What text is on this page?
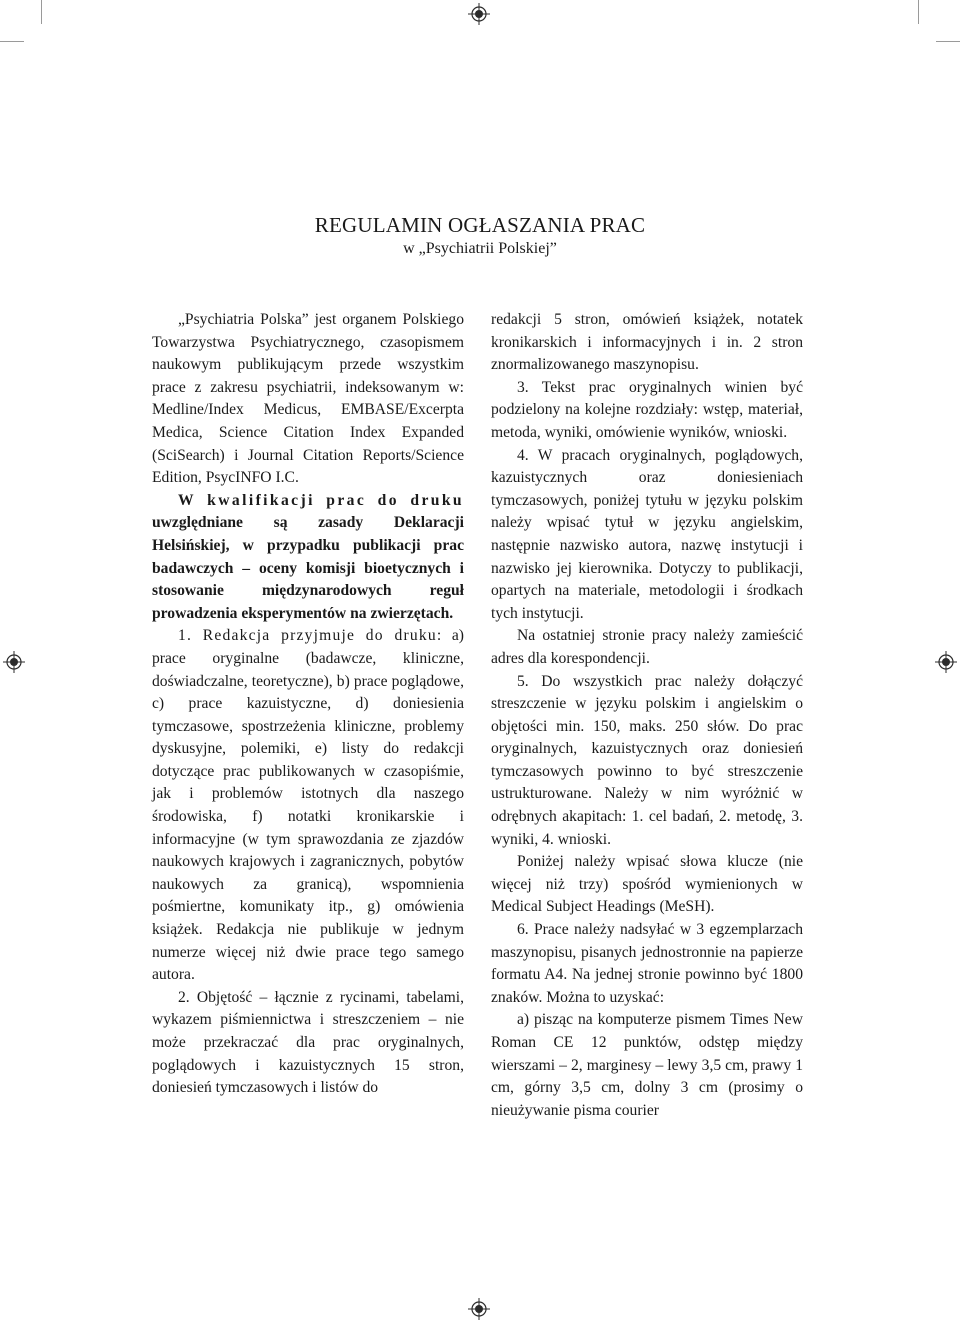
REGULAMIN OGŁASZANIA PRAC
w „Psychiatrii Polskiej”

„Psychiatria Polska” jest organem Polskiego Towarzystwa Psychiatrycznego, czasopismem naukowym publikującym przede wszystkim prace z zakresu psychiatrii, indeksowanym w: Medline/Index Medicus, EMBASE/Excerpta Medica, Science Citation Index Expanded (SciSearch) i Journal Citation Reports/Science Edition, PsycINFO I.C.

W kwalifikacji prac do druku uwzględniane są zasady Deklaracji Helsińskiej, w przypadku publikacji prac badawczych – oceny komisji bioetycznych i stosowanie międzynarodowych reguł prowadzenia eksperymentów na zwierzętach.

1. Redakcja przyjmuje do druku: a) prace oryginalne (badawcze, kliniczne, doświadczalne, teoretyczne), b) prace poglądowe, c) prace kazuistyczne, d) doniesienia tymczasowe, spostrzeżenia kliniczne, problemy dyskusyjne, polemiki, e) listy do redakcji dotyczące prac publikowanych w czasopiśmie, jak i problemów istotnych dla naszego środowiska, f) notatki kronikarskie i informacyjne (w tym sprawozdania ze zjazdów naukowych krajowych i zagranicznych, pobytów naukowych za granicą), wspomnienia pośmiertne, komunikaty itp., g) omówienia książek. Redakcja nie publikuje w jednym numerze więcej niż dwie prace tego samego autora.

2. Objętość – łącznie z rycinami, tabelami, wykazem piśmiennictwa i streszczeniem – nie może przekraczać dla prac oryginalnych, poglądowych i kazuistycznych 15 stron, doniesień tymczasowych i listów do

redakcji 5 stron, omówień książek, notatek kronikarskich i informacyjnych i in. 2 stron znormalizowanego maszynopisu.

3. Tekst prac oryginalnych winien być podzielony na kolejne rozdziały: wstęp, materiał, metoda, wyniki, omówienie wyników, wnioski.

4. W pracach oryginalnych, poglądowych, kazuistycznych oraz doniesieniach tymczasowych, poniżej tytułu w języku polskim należy wpisać tytuł w języku angielskim, następnie nazwisko autora, nazwę instytucji i nazwisko jej kierownika. Dotyczy to publikacji, opartych na materiale, metodologii i środkach tych instytucji.

Na ostatniej stronie pracy należy zamieścić adres dla korespondencji.

5. Do wszystkich prac należy dołączyć streszczenie w języku polskim i angielskim o objętości min. 150, maks. 250 słów. Do prac oryginalnych, kazuistycznych oraz doniesień tymczasowych powinno to być streszczenie ustrukturowane. Należy w nim wyróżnić w odrębnych akapitach: 1. cel badań, 2. metodę, 3. wyniki, 4. wnioski.

Poniżej należy wpisać słowa klucze (nie więcej niż trzy) spośród wymienionych w Medical Subject Headings (MeSH).

6. Prace należy nadsyłać w 3 egzemplarzach maszynopisu, pisanych jednostronnie na papierze formatu A4. Na jednej stronie powinno być 1800 znaków. Można to uzyskać:

a) pisząc na komputerze pismem Times New Roman CE 12 punktów, odstęp między wierszami – 2, marginesy – lewy 3,5 cm, prawy 1 cm, górny 3,5 cm, dolny 3 cm (prosimy o nieużywanie pisma courier
